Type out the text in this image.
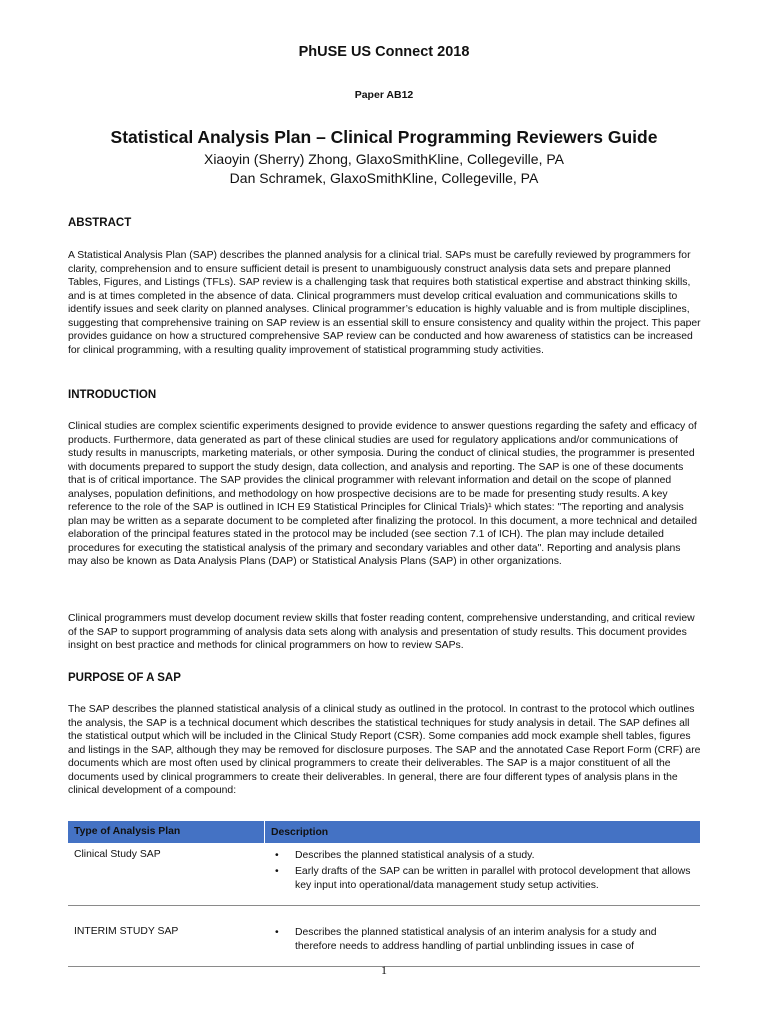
PhUSE US Connect 2018
Paper AB12
Statistical Analysis Plan – Clinical Programming Reviewers Guide
Xiaoyin (Sherry) Zhong, GlaxoSmithKline, Collegeville, PA
Dan Schramek, GlaxoSmithKline, Collegeville, PA
ABSTRACT

A Statistical Analysis Plan (SAP) describes the planned analysis for a clinical trial. SAPs must be carefully reviewed by programmers for clarity, comprehension and to ensure sufficient detail is present to unambiguously construct analysis data sets and prepare planned Tables, Figures, and Listings (TFLs). SAP review is a challenging task that requires both statistical expertise and abstract thinking skills, and is at times completed in the absence of data. Clinical programmers must develop critical evaluation and communications skills to identify issues and seek clarity on planned analyses. Clinical programmer’s education is highly valuable and is from multiple disciplines, suggesting that comprehensive training on SAP review is an essential skill to ensure consistency and quality within the project. This paper provides guidance on how a structured comprehensive SAP review can be conducted and how awareness of statistics can be increased for clinical programming, with a resulting quality improvement of statistical programming study activities.

INTRODUCTION

Clinical studies are complex scientific experiments designed to provide evidence to answer questions regarding the safety and efficacy of products. Furthermore, data generated as part of these clinical studies are used for regulatory applications and/or communications of study results in manuscripts, marketing materials, or other symposia. During the conduct of clinical studies, the programmer is presented with documents prepared to support the study design, data collection, and analysis and reporting. The SAP is one of these documents that is of critical importance. The SAP provides the clinical programmer with relevant information and detail on the scope of planned analyses, population definitions, and methodology on how prospective decisions are to be made for presenting study results. A key reference to the role of the SAP is outlined in ICH E9 Statistical Principles for Clinical Trials)¹ which states: "The reporting and analysis plan may be written as a separate document to be completed after finalizing the protocol. In this document, a more technical and detailed elaboration of the principal features stated in the protocol may be included (see section 7.1 of ICH). The plan may include detailed procedures for executing the statistical analysis of the primary and secondary variables and other data". Reporting and analysis plans may also be known as Data Analysis Plans (DAP) or Statistical Analysis Plans (SAP) in other organizations.

Clinical programmers must develop document review skills that foster reading content, comprehensive understanding, and critical review of the SAP to support programming of analysis data sets along with analysis and presentation of study results. This document provides insight on best practice and methods for clinical programmers on how to review SAPs.

PURPOSE OF A SAP

The SAP describes the planned statistical analysis of a clinical study as outlined in the protocol. In contrast to the protocol which outlines the analysis, the SAP is a technical document which describes the statistical techniques for study analysis in detail. The SAP defines all the statistical output which will be included in the Clinical Study Report (CSR). Some companies add mock example shell tables, figures and listings in the SAP, although they may be removed for disclosure purposes. The SAP and the annotated Case Report Form (CRF) are documents which are most often used by clinical programmers to create their deliverables. The SAP is a major constituent of all the documents used by clinical programmers to create their deliverables. In general, there are four different types of analysis plans in the clinical development of a compound:

Type of Analysis Plan	Description
Clinical Study SAP	•	Describes the planned statistical analysis of a study.
•	Early drafts of the SAP can be written in parallel with protocol development that allows key input into operational/data management study setup activities.
INTERIM STUDY SAP	•	Describes the planned statistical analysis of an interim analysis for a study and therefore needs to address handling of partial unblinding issues in case of
1
